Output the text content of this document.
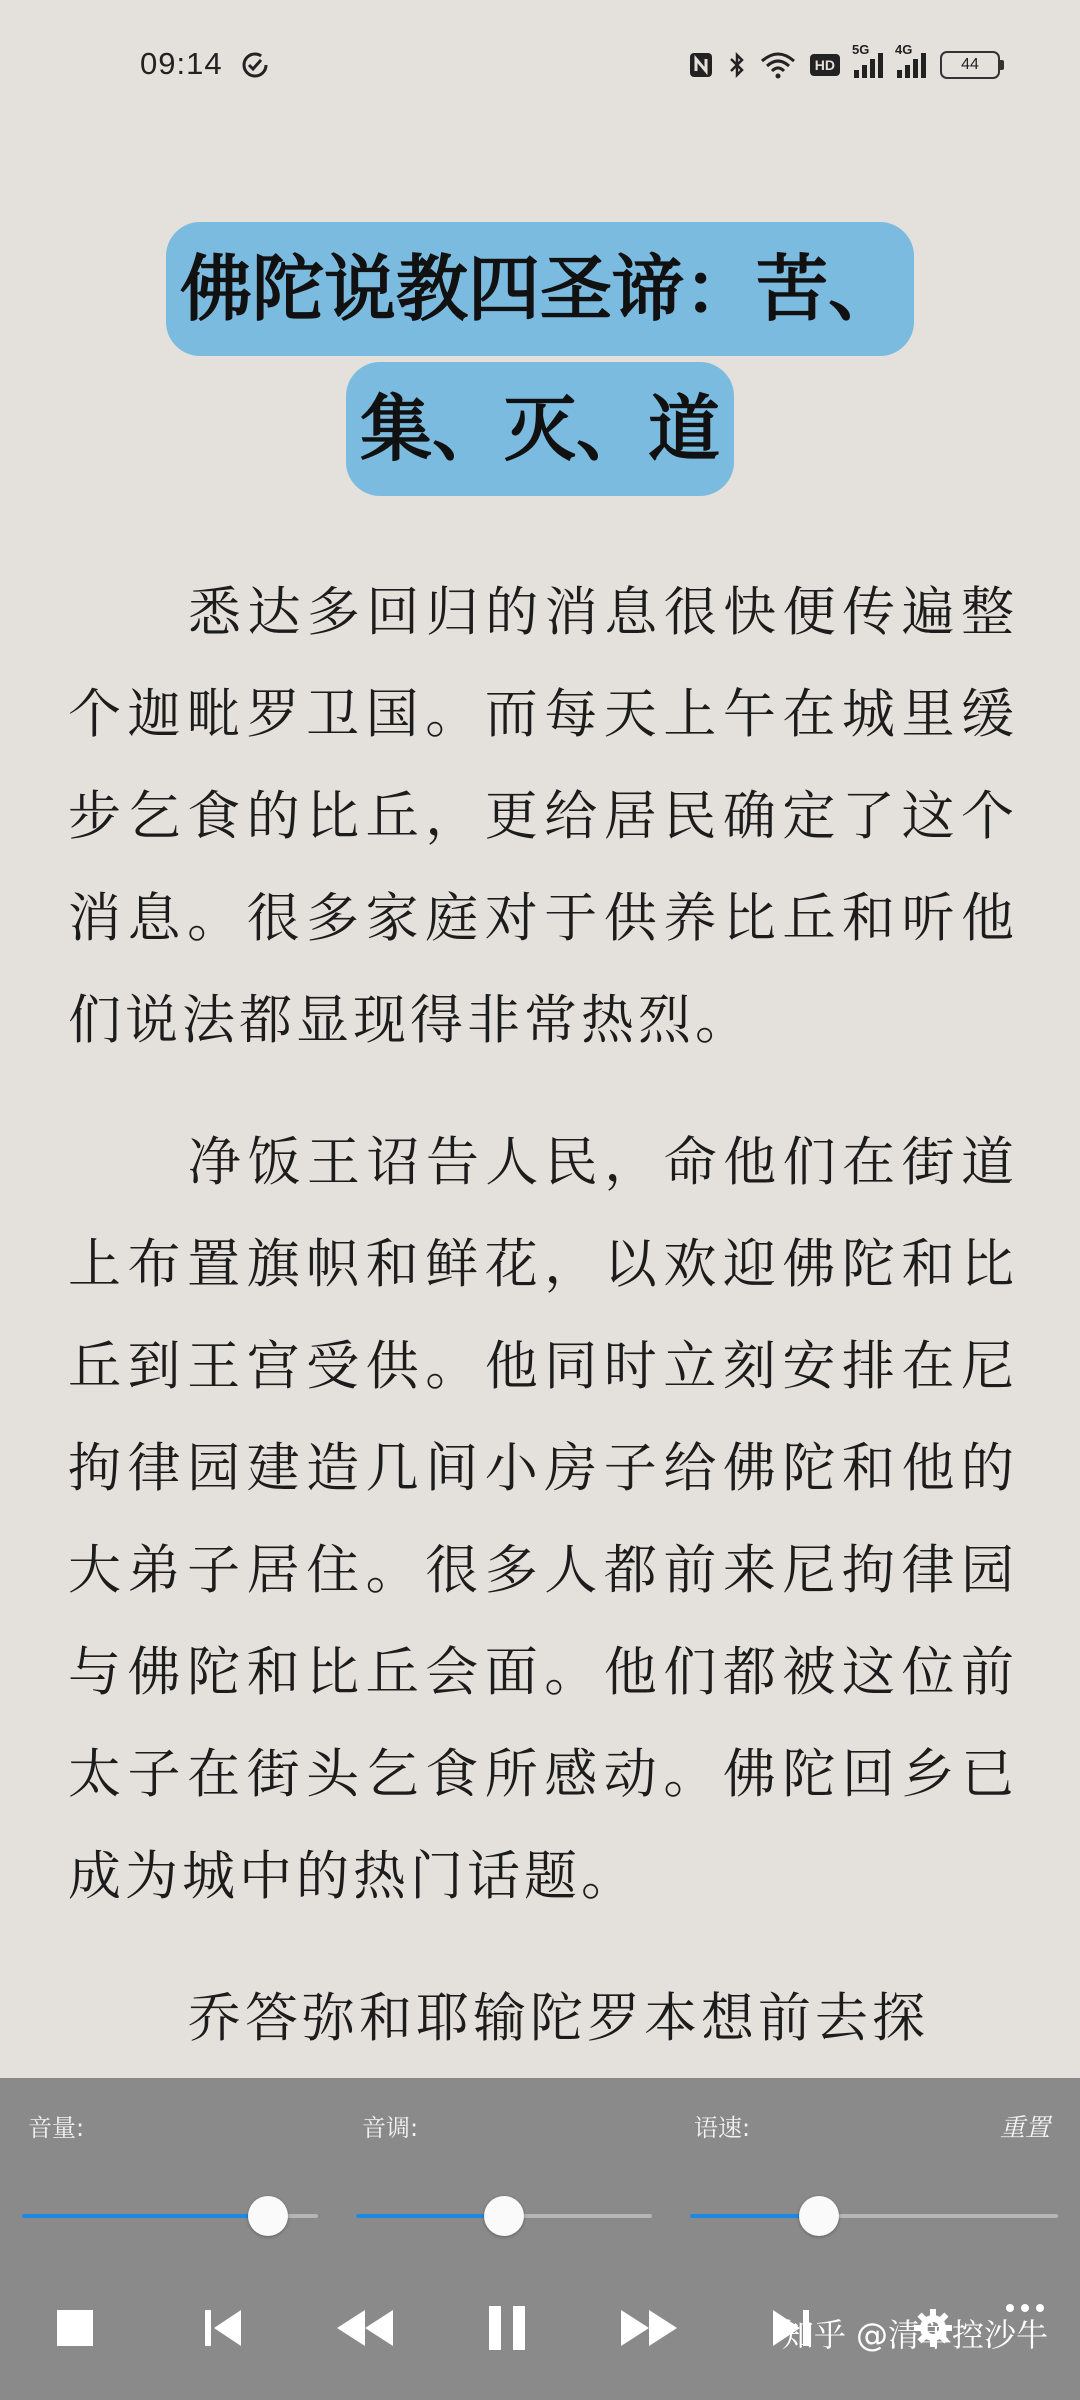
09:14	HD
5G 4G
44
佛陀说教四圣谛：苦、
集、灭、道

悉达多回归的消息很快便传遍整个迦毗罗卫国。而每天上午在城里缓步乞食的比丘，更给居民确定了这个消息。很多家庭对于供养比丘和听他们说法都显现得非常热烈。

净饭王诏告人民，命他们在街道上布置旗帜和鲜花，以欢迎佛陀和比丘到王宫受供。他同时立刻安排在尼拘律园建造几间小房子给佛陀和他的大弟子居住。很多人都前来尼拘律园与佛陀和比丘会面。他们都被这位前太子在街头乞食所感动。佛陀回乡已成为城中的热门话题。

乔答弥和耶输陀罗本想前去探

音量:	音调:	语速:	重置
知乎 @清单控沙牛
